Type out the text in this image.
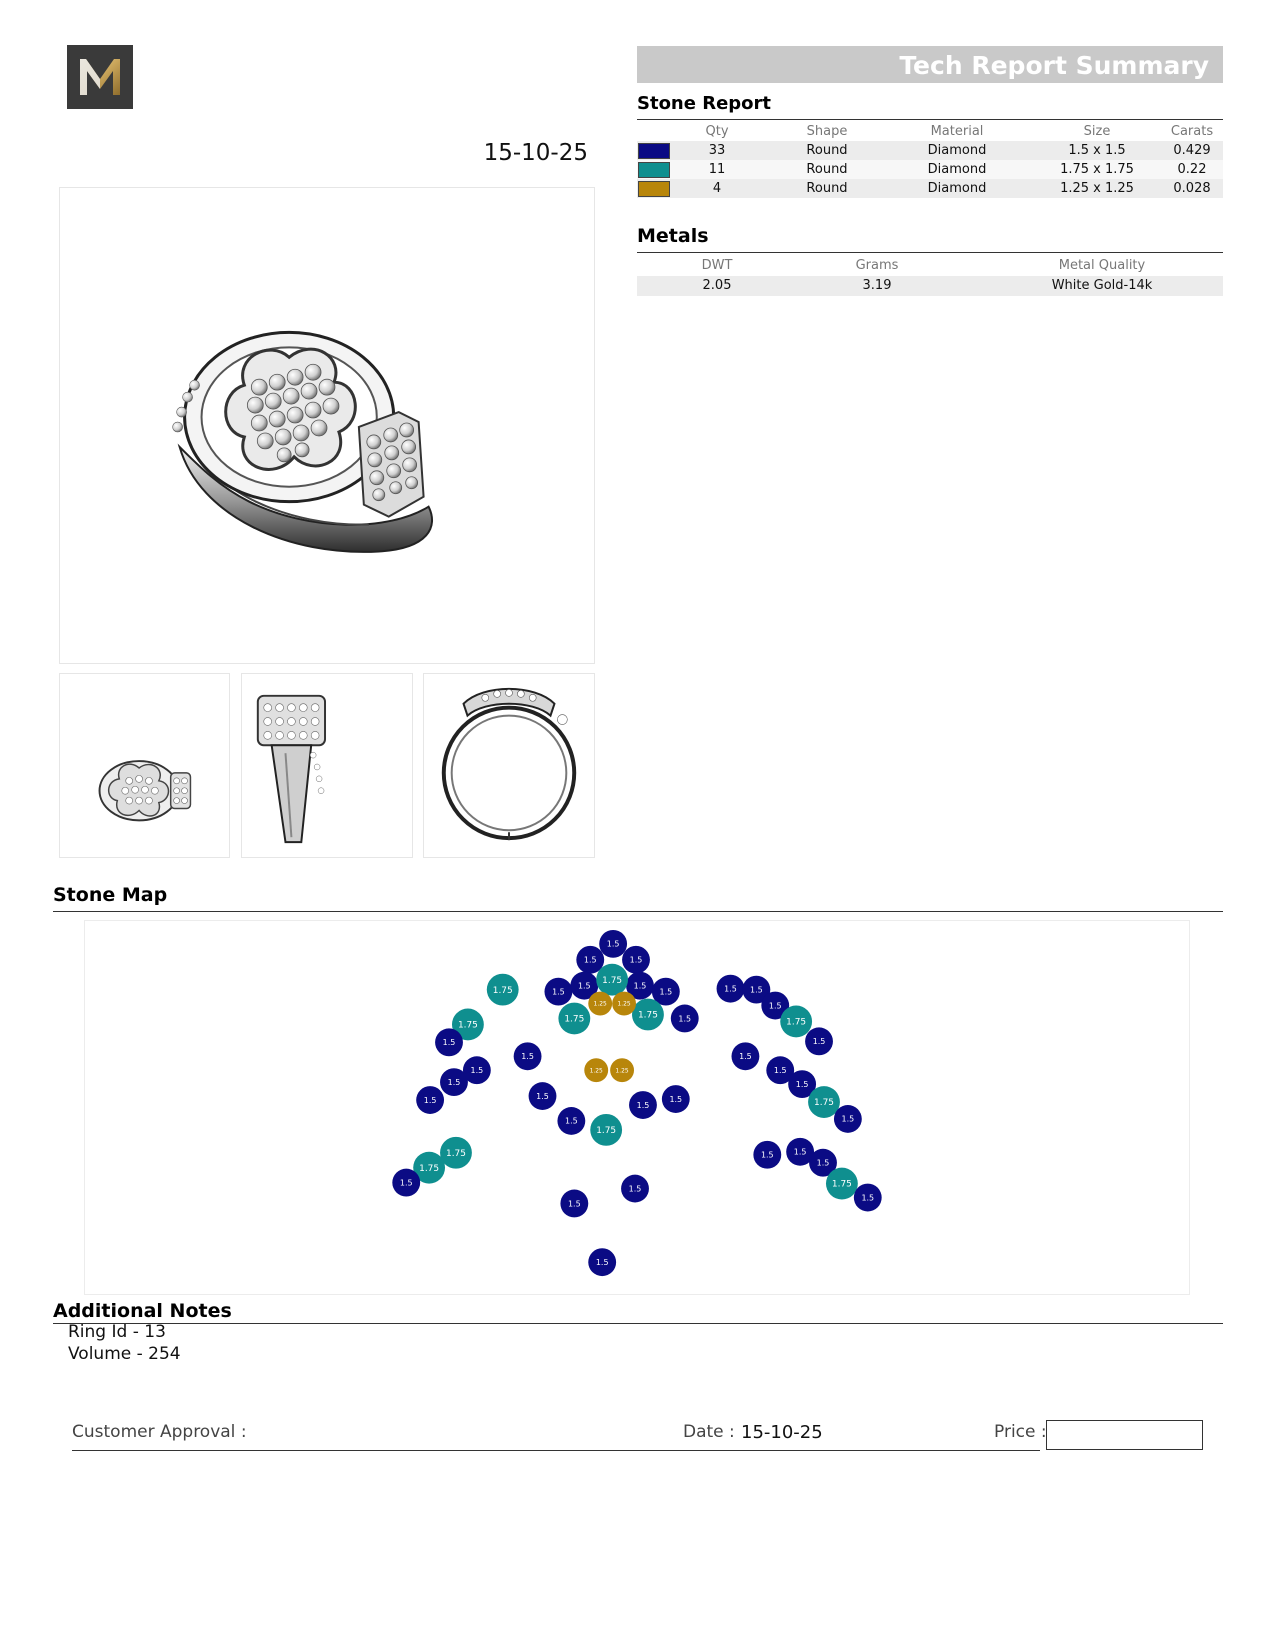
15-10-25
Tech Report Summary
Stone Report
Qty	Shape	Material	Size	Carats
33	Round	Diamond	1.5 x 1.5	0.429
11	Round	Diamond	1.75 x 1.75	0.22
4	Round	Diamond	1.25 x 1.25	0.028
Metals
DWT	Grams	Metal Quality
2.05	3.19	White Gold-14k
Stone Map
1.5
1.5	1.5
1.5
1.5	1.5
1.5
1.5
1.75
1.75	1.75
1.25 1.25
1.75
1.75
1.5
1.5
1.5
1.5
1.75
1.75
1.5
1.5
1.5
1.5
1.75
1.5
1.5
1.25 1.25
1.5
1.5
1.5
1.5 1.5
1.5
1.75
1.5
1.5
1.5
1.5
1.75
1.5
1.5	1.5
1.5
1.75
1.5
Additional Notes
Ring Id - 13
Volume - 254
Customer Approval :	Date : 15-10-25	Price :
